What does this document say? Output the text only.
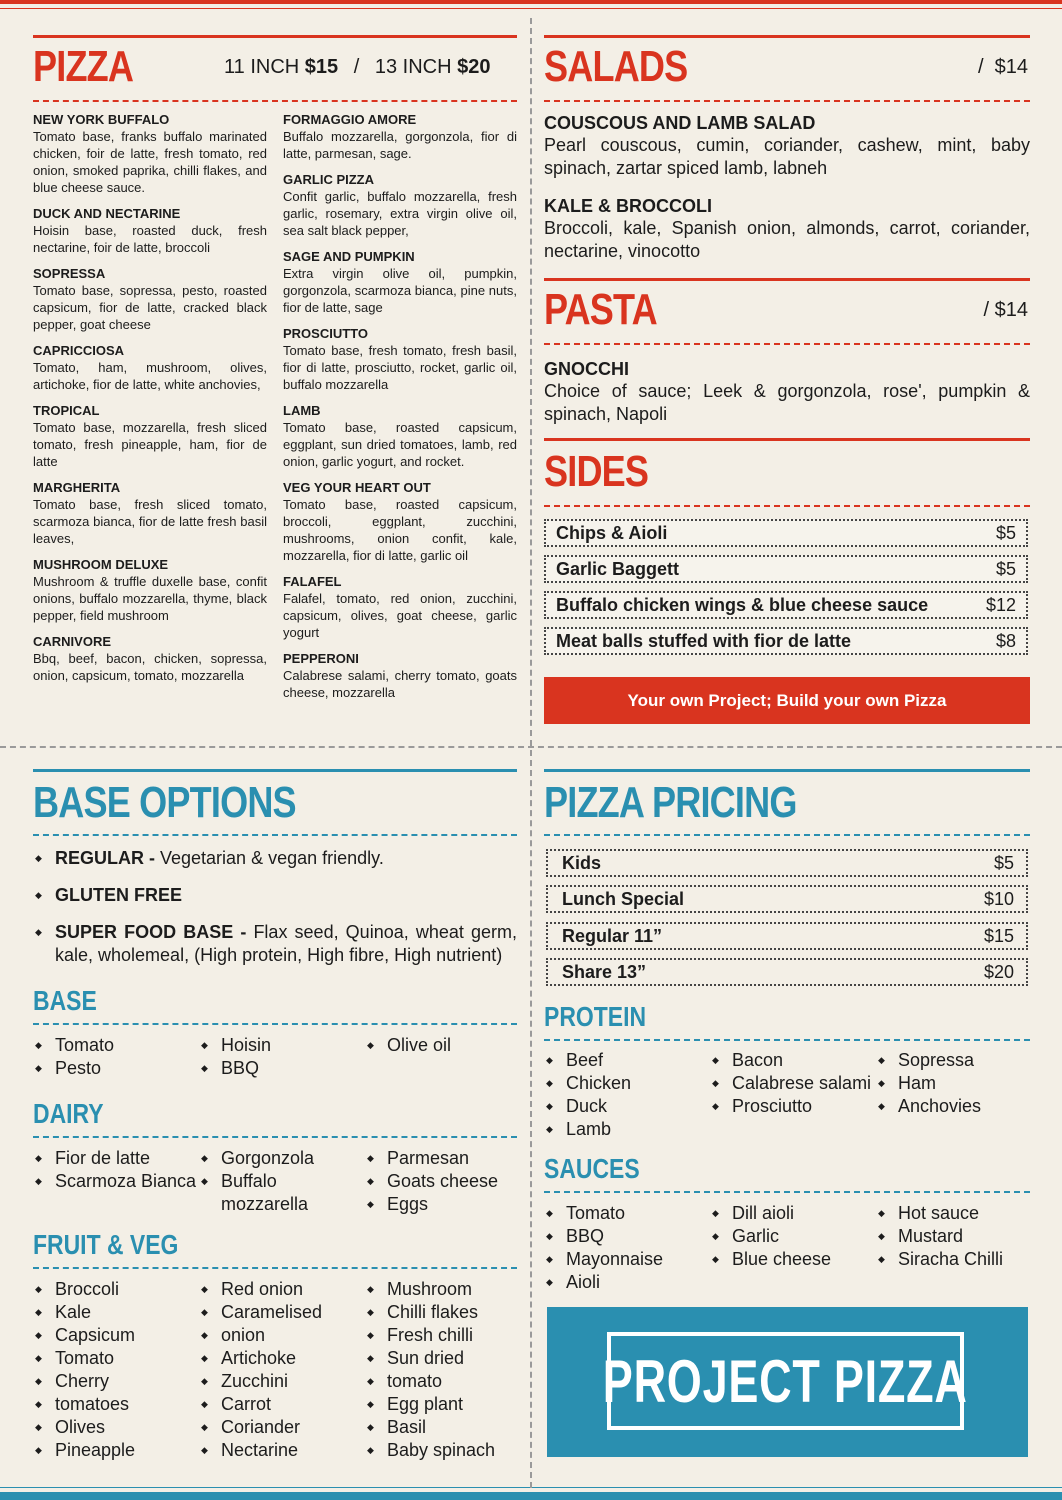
PIZZA	11 INCH $15 / 13 INCH $20
NEW YORK BUFFALO
Tomato base, franks buffalo marinated chicken, foir de latte, fresh tomato, red onion, smoked paprika, chilli flakes, and blue cheese sauce.
DUCK AND NECTARINE
Hoisin base, roasted duck, fresh nectarine, foir de latte, broccoli
SOPRESSA
Tomato base, sopressa, pesto, roasted capsicum, fior de latte, cracked black pepper, goat cheese
CAPRICCIOSA
Tomato, ham, mushroom, olives, artichoke, fior de latte, white anchovies,
TROPICAL
Tomato base, mozzarella, fresh sliced tomato, fresh pineapple, ham, fior de latte
MARGHERITA
Tomato base, fresh sliced tomato, scarmoza bianca, fior de latte fresh basil leaves,
MUSHROOM DELUXE
Mushroom & truffle duxelle base, confit onions, buffalo mozzarella, thyme, black pepper, field mushroom
CARNIVORE
Bbq, beef, bacon, chicken, sopressa, onion, capsicum, tomato, mozzarella
FORMAGGIO AMORE
Buffalo mozzarella, gorgonzola, fior di latte, parmesan, sage.
GARLIC PIZZA
Confit garlic, buffalo mozzarella, fresh garlic, rosemary, extra virgin olive oil, sea salt black pepper,
SAGE AND PUMPKIN
Extra virgin olive oil, pumpkin, gorgonzola, scarmoza bianca, pine nuts, fior de latte, sage
PROSCIUTTO
Tomato base, fresh tomato, fresh basil, fior di latte, prosciutto, rocket, garlic oil, buffalo mozzarella
LAMB
Tomato base, roasted capsicum, eggplant, sun dried tomatoes, lamb, red onion, garlic yogurt, and rocket.
VEG YOUR HEART OUT
Tomato base, roasted capsicum, broccoli, eggplant, zucchini, mushrooms, onion confit, kale, mozzarella, fior di latte, garlic oil
FALAFEL
Falafel, tomato, red onion, zucchini, capsicum, olives, goat cheese, garlic yogurt
PEPPERONI
Calabrese salami, cherry tomato, goats cheese, mozzarella
SALADS	/  $14
COUSCOUS AND LAMB SALAD
Pearl couscous, cumin, coriander, cashew, mint, baby spinach, zartar spiced lamb, labneh
KALE & BROCCOLI
Broccoli, kale, Spanish onion, almonds, carrot, coriander, nectarine, vinocotto
PASTA	/ $14
GNOCCHI
Choice of sauce; Leek & gorgonzola, rose', pumpkin & spinach, Napoli
SIDES
Chips & Aioli	$5
Garlic Baggett	$5
Buffalo chicken wings & blue cheese sauce	$12
Meat balls stuffed with fior de latte	$8
Your own Project; Build your own Pizza
BASE OPTIONS
◆ REGULAR - Vegetarian & vegan friendly.
◆ GLUTEN FREE
◆ SUPER FOOD BASE - Flax seed, Quinoa, wheat germ, kale, wholemeal, (High protein, High fibre, High nutrient)
BASE
◆ Tomato
◆ Pesto
◆ Hoisin
◆ BBQ
◆ Olive oil
DAIRY
◆ Fior de latte
◆ Scarmoza Bianca
◆ Gorgonzola
◆ Buffalo mozzarella
◆ Parmesan
◆ Goats cheese
◆ Eggs
FRUIT & VEG
◆ Broccoli
◆ Kale
◆ Capsicum
◆ Tomato
◆ Cherry
◆ tomatoes
◆ Olives
◆ Pineapple
◆ Red onion
◆ Caramelised
◆ onion
◆ Artichoke
◆ Zucchini
◆ Carrot
◆ Coriander
◆ Nectarine
◆ Mushroom
◆ Chilli flakes
◆ Fresh chilli
◆ Sun dried
◆ tomato
◆ Egg plant
◆ Basil
◆ Baby spinach
PIZZA PRICING
Kids	$5
Lunch Special	$10
Regular 11”	$15
Share 13”	$20
PROTEIN
◆ Beef
◆ Chicken
◆ Duck
◆ Lamb
◆ Bacon
◆ Calabrese salami
◆ Prosciutto
◆ Sopressa
◆ Ham
◆ Anchovies
SAUCES
◆ Tomato
◆ BBQ
◆ Mayonnaise
◆ Aioli
◆ Dill aioli
◆ Garlic
◆ Blue cheese
◆ Hot sauce
◆ Mustard
◆ Siracha Chilli
PROJECT PIZZA
